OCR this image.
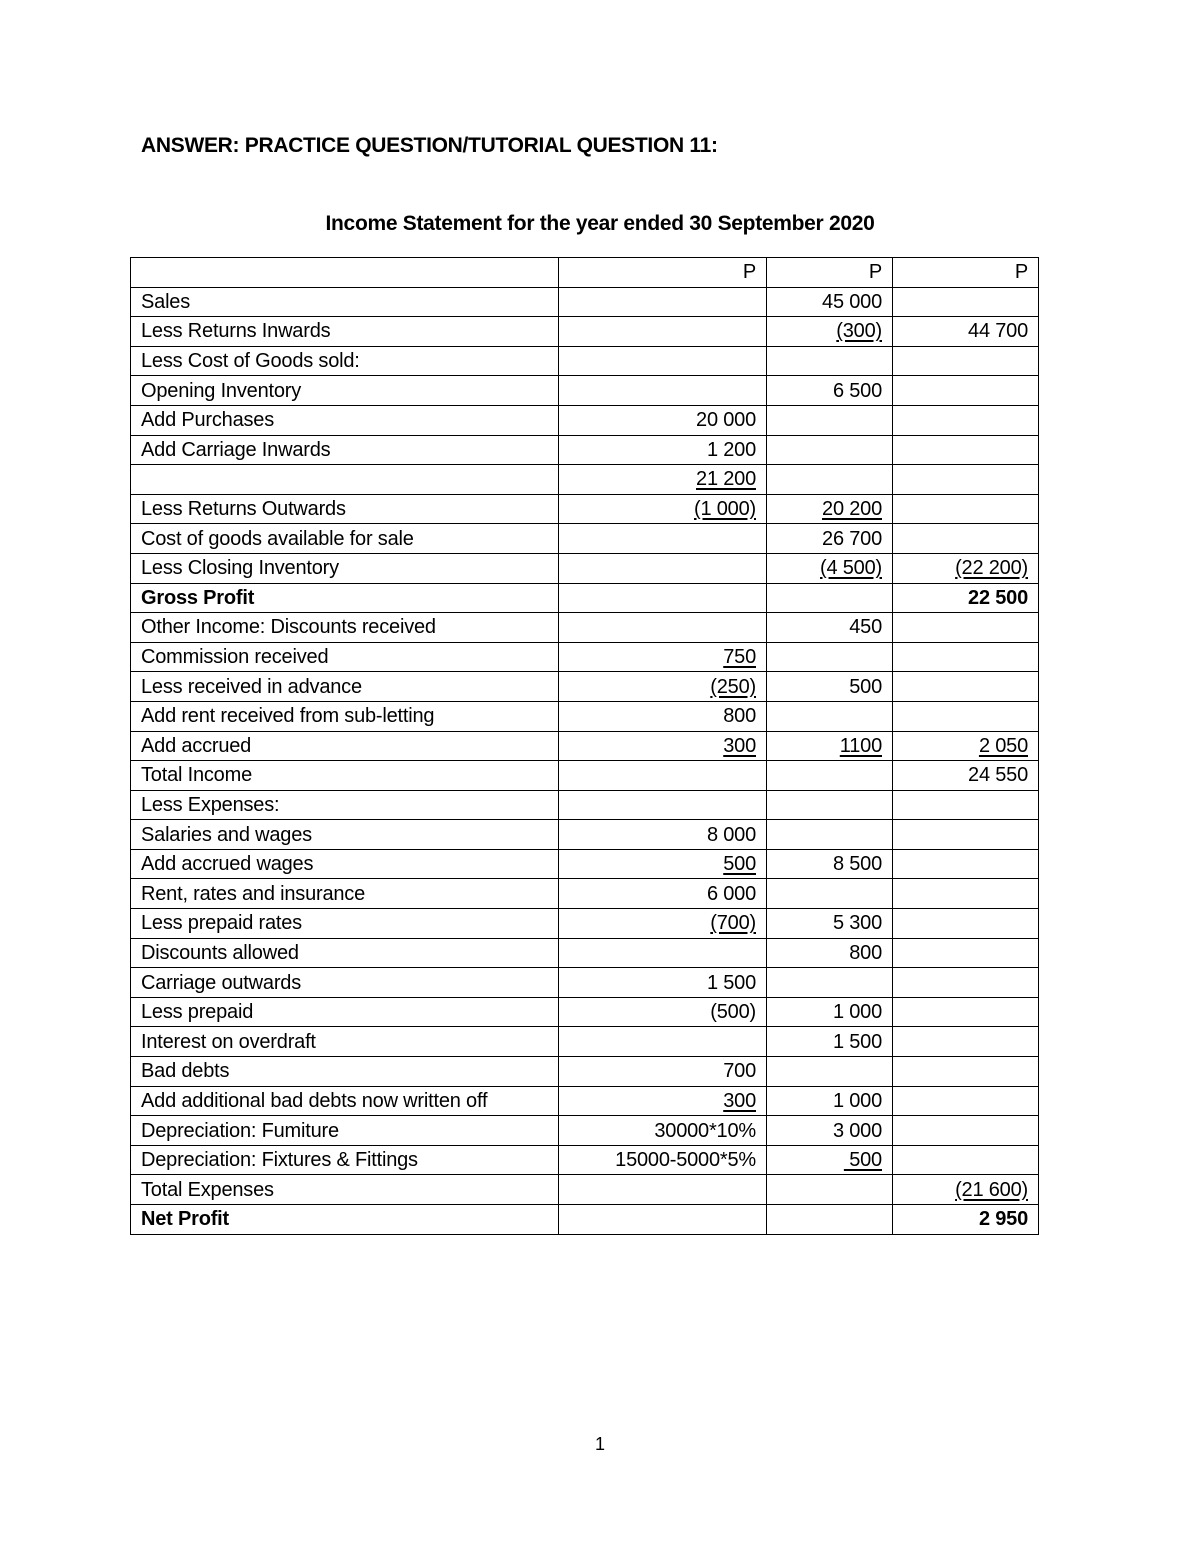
ANSWER: PRACTICE QUESTION/TUTORIAL QUESTION 11:
Income Statement for the year ended 30 September 2020
	P	P	P
Sales		45 000	
Less Returns Inwards		(300)	44 700
Less Cost of Goods sold:			
Opening Inventory		6 500	
Add Purchases	20 000		
Add Carriage Inwards	1 200		
	21 200		
Less Returns Outwards	(1 000)	20 200	
Cost of goods available for sale		26 700	
Less Closing Inventory		(4 500)	(22 200)
Gross Profit			22 500
Other Income: Discounts received		450	
Commission received	750		
Less received in advance	(250)	500	
Add rent received from sub-letting	800		
Add accrued	300	1100	2 050
Total Income			24 550
Less Expenses:			
Salaries and wages	8 000		
Add accrued wages	500	8 500	
Rent, rates and insurance	6 000		
Less prepaid rates	(700)	5 300	
Discounts allowed		800	
Carriage outwards	1 500		
Less prepaid	(500)	1 000	
Interest on overdraft		1 500	
Bad debts	700		
Add additional bad debts now written off	300	1 000	
Depreciation: Fumiture	30000*10%	3 000	
Depreciation: Fixtures & Fittings	15000-5000*5%	500	
Total Expenses			(21 600)
Net Profit			2 950
1
